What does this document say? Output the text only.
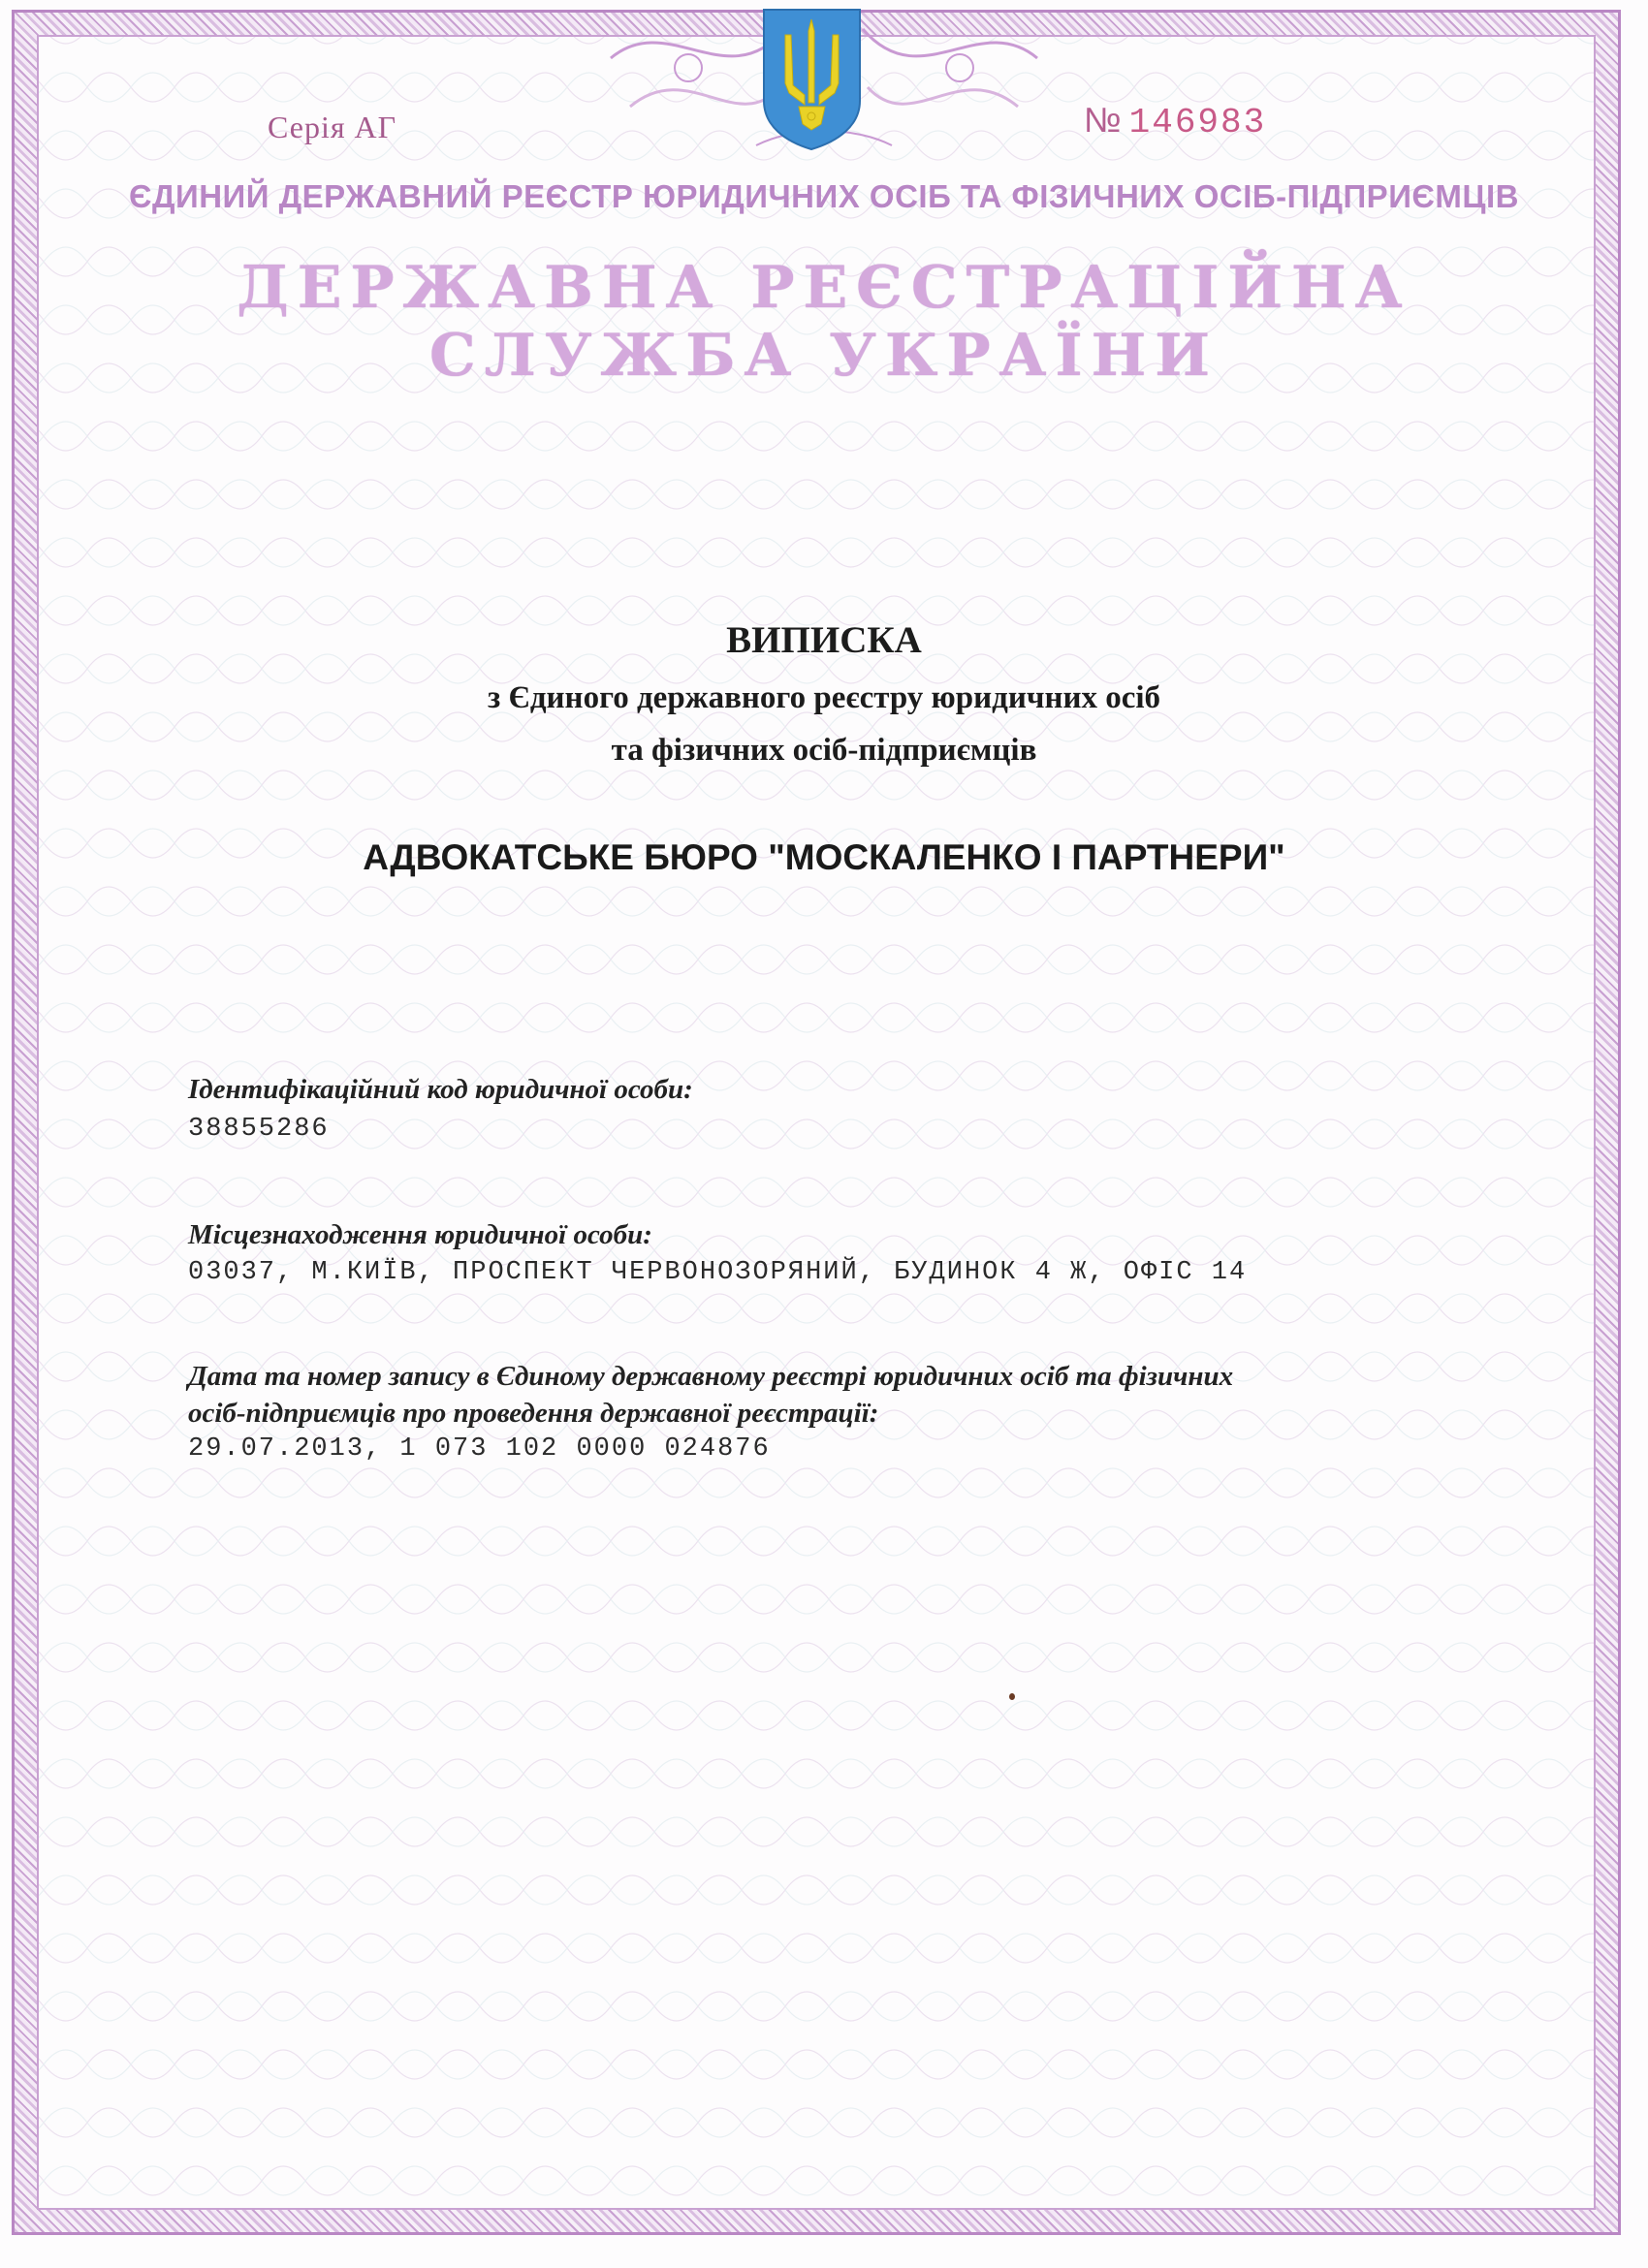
Серія АГ	№ 146983
ЄДИНИЙ ДЕРЖАВНИЙ РЕЄСТР ЮРИДИЧНИХ ОСІБ ТА ФІЗИЧНИХ ОСІБ-ПІДПРИЄМЦІВ
ДЕРЖАВНА РЕЄСТРАЦІЙНА
СЛУЖБА УКРАЇНИ
ВИПИСКА
з Єдиного державного реєстру юридичних осіб
та фізичних осіб-підприємців
АДВОКАТСЬКЕ БЮРО "МОСКАЛЕНКО І ПАРТНЕРИ"
Ідентифікаційний код юридичної особи:
38855286
Місцезнаходження юридичної особи:
03037, М.КИЇВ, ПРОСПЕКТ ЧЕРВОНОЗОРЯНИЙ, БУДИНОК 4 Ж, ОФІС 14
Дата та номер запису в Єдиному державному реєстрі юридичних осіб та фізичних
осіб-підприємців про проведення державної реєстрації:
29.07.2013, 1 073 102 0000 024876
